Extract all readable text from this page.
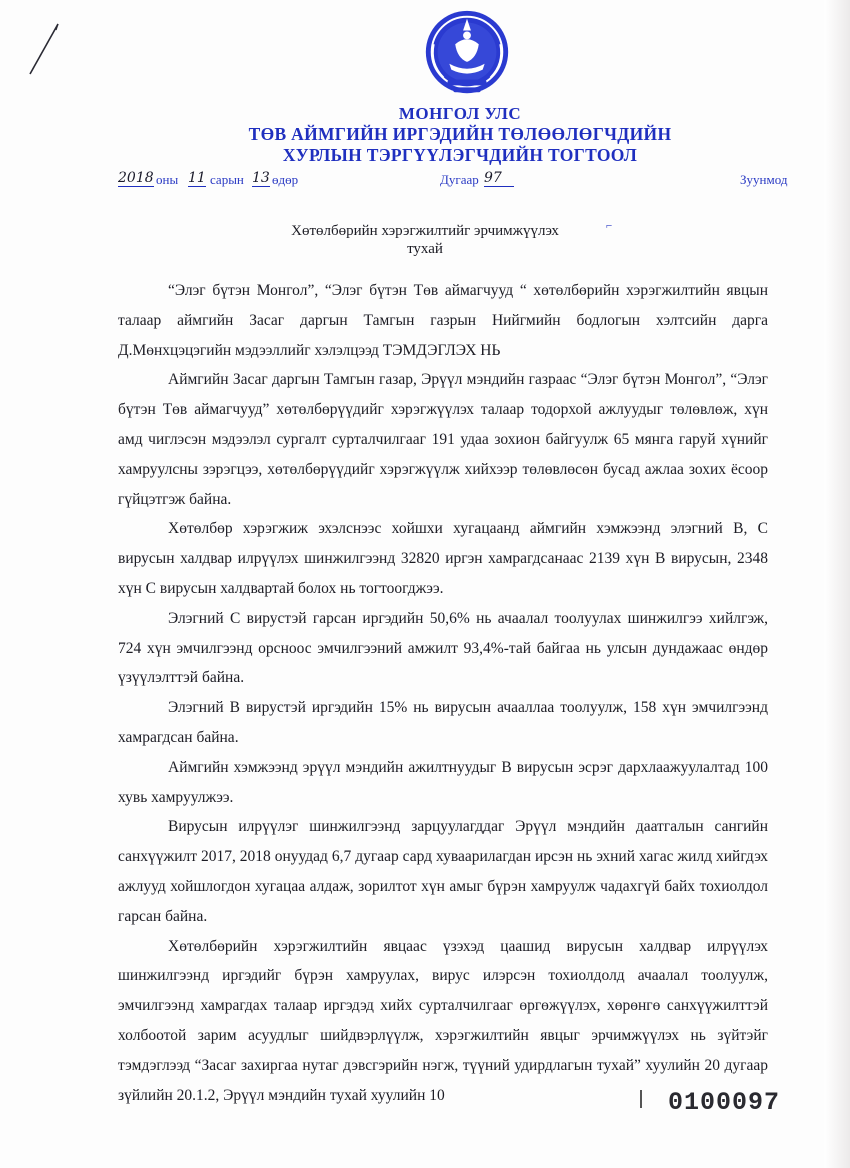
МОНГОЛ УЛС
ТӨВ АЙМГИЙН ИРГЭДИЙН ТӨЛӨӨЛӨГЧДИЙН
ХУРЛЫН ТЭРГҮҮЛЭГЧДИЙН ТОГТООЛ
2018 оны 11 сарын 13 өдөр	Дугаар 97	Зуунмод
Хөтөлбөрийн хэрэгжилтийг эрчимжүүлэх
тухай
⌐

“Элэг бүтэн Монгол”, “Элэг бүтэн Төв аймагчууд “ хөтөлбөрийн хэрэгжилтийн явцын талаар аймгийн Засаг даргын Тамгын газрын Нийгмийн бодлогын хэлтсийн дарга Д.Мөнхцэцэгийн мэдээллийг хэлэлцээд ТЭМДЭГЛЭХ НЬ

Аймгийн Засаг даргын Тамгын газар, Эрүүл мэндийн газраас “Элэг бүтэн Монгол”, “Элэг бүтэн Төв аймагчууд” хөтөлбөрүүдийг хэрэгжүүлэх талаар тодорхой ажлуудыг төлөвлөж, хүн амд чиглэсэн мэдээлэл сургалт сурталчилгааг 191 удаа зохион байгуулж 65 мянга гаруй хүнийг хамруулсны зэрэгцээ, хөтөлбөрүүдийг хэрэгжүүлж хийхээр төлөвлөсөн бусад ажлаа зохих ёсоор гүйцэтгэж байна.

Хөтөлбөр хэрэгжиж эхэлснээс хойшхи хугацаанд аймгийн хэмжээнд элэгний В, С вирусын халдвар илрүүлэх шинжилгээнд 32820 иргэн хамрагдсанаас 2139 хүн В вирусын, 2348 хүн С вирусын халдвартай болох нь тогтоогджээ.

Элэгний С вирустэй гарсан иргэдийн 50,6% нь ачаалал тоолуулах шинжилгээ хийлгэж, 724 хүн эмчилгээнд орсноос эмчилгээний амжилт 93,4%-тай байгаа нь улсын дундажаас өндөр үзүүлэлттэй байна.

Элэгний В вирустэй иргэдийн 15% нь вирусын ачааллаа тоолуулж, 158 хүн эмчилгээнд хамрагдсан байна.

Аймгийн хэмжээнд эрүүл мэндийн ажилтнуудыг В вирусын эсрэг дархлаажуулалтад 100 хувь хамруулжээ.

Вирусын илрүүлэг шинжилгээнд зарцуулагддаг Эрүүл мэндийн даатгалын сангийн санхүүжилт 2017, 2018 онуудад 6,7 дугаар сард хуваарилагдан ирсэн нь эхний хагас жилд хийгдэх ажлууд хойшлогдон хугацаа алдаж, зорилтот хүн амыг бүрэн хамруулж чадахгүй байх тохиолдол гарсан байна.

Хөтөлбөрийн хэрэгжилтийн явцаас үзэхэд цаашид вирусын халдвар илрүүлэх шинжилгээнд иргэдийг бүрэн хамруулах, вирус илэрсэн тохиолдолд ачаалал тоолуулж, эмчилгээнд хамрагдах талаар иргэдэд хийх сурталчилгааг өргөжүүлэх, хөрөнгө санхүүжилттэй холбоотой зарим асуудлыг шийдвэрлүүлж, хэрэгжилтийн явцыг эрчимжүүлэх нь зүйтэйг тэмдэглээд “Засаг захиргаа нутаг дэвсгэрийн нэгж, түүний удирдлагын тухай” хуулийн 20 дугаар зүйлийн 20.1.2, Эрүүл мэндийн тухай хуулийн 10	0100097
